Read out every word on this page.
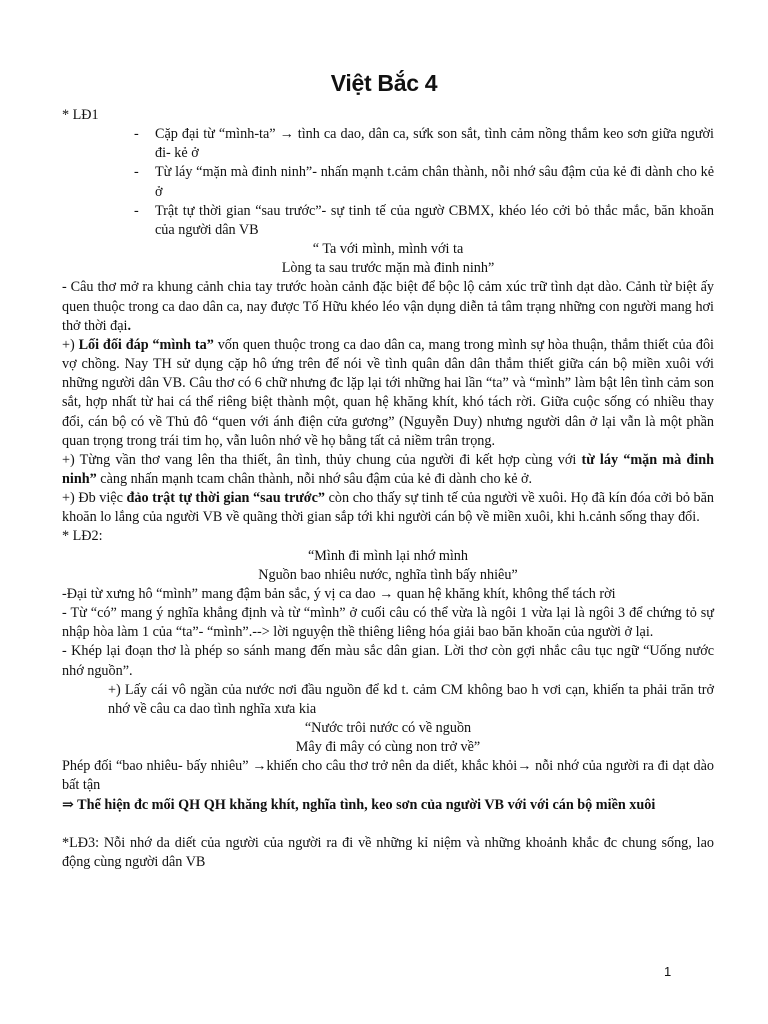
Việt Bắc 4

* LĐ1

- Cặp đại từ “mình-ta” → tình ca dao, dân ca, sứk son sắt, tình cảm nồng thắm keo sơn giữa người đi- kẻ ở
- Từ láy “mặn mà đinh ninh”- nhấn mạnh t.cảm chân thành, nỗi nhớ sâu đậm của kẻ đi dành cho kẻ ở
- Trật tự thời gian “sau trước”- sự tinh tế của ngườ CBMX, khéo léo cởi bỏ thắc mắc, băn khoăn của người dân VB

“ Ta với mình, mình với ta

Lòng ta sau trước mặn mà đinh ninh”

- Câu thơ mở ra khung cảnh chia tay trước hoàn cảnh đặc biệt để bộc lộ cảm xúc trữ tình dạt dào. Cảnh từ biệt ấy quen thuộc trong ca dao dân ca, nay được Tố Hữu khéo léo vận dụng diễn tả tâm trạng những con người mang hơi thở thời đại.

+) Lối đối đáp “mình ta” vốn quen thuộc trong ca dao dân ca, mang trong mình sự hòa thuận, thắm thiết của đôi vợ chồng. Nay TH sử dụng cặp hô ứng trên để nói về tình quân dân dân thắm thiết giữa cán bộ miền xuôi với những người dân VB. Câu thơ có 6 chữ nhưng đc lặp lại tới những hai lần “ta” và “mình” làm bật lên tình cảm son sắt, hợp nhất từ hai cá thể riêng biệt thành một, quan hệ khăng khít, khó tách rời. Giữa cuộc sống có nhiều thay đổi, cán bộ có về Thủ đô “quen với ánh điện cửa gương” (Nguyễn Duy) nhưng người dân ở lại vẫn là một phần quan trọng trong trái tim họ, vẫn luôn nhớ về họ bằng tất cả niềm trân trọng.

+) Từng vần thơ vang lên tha thiết, ân tình, thủy chung của người đi kết hợp cùng với từ láy “mặn mà đinh ninh” càng nhấn mạnh tcam chân thành, nỗi nhớ sâu đậm của kẻ đi dành cho kẻ ở.

+) Đb việc đảo trật tự thời gian “sau trước” còn cho thấy sự tinh tế của người về xuôi. Họ đã kín đóa cởi bỏ băn khoăn lo lắng của người VB về quãng thời gian sắp tới khi người cán bộ về miền xuôi, khi h.cảnh sống thay đổi.

* LĐ2:

“Mình đi mình lại nhớ mình

Nguồn bao nhiêu nước, nghĩa tình bấy nhiêu”

-Đại từ xưng hô “mình” mang đậm bản sắc, ý vị ca dao → quan hệ khăng khít, không thể tách rời

- Từ “có” mang ý nghĩa khẳng định và từ “mình” ở cuối câu có thể vừa là ngôi 1 vừa lại là ngôi 3 để chứng tỏ sự nhập hòa làm 1 của “ta”- “mình”.--> lời nguyện thề thiêng liêng hóa giải bao băn khoăn của người ở lại.

- Khép lại đoạn thơ là phép so sánh mang đến màu sắc dân gian. Lời thơ còn gợi nhắc câu tục ngữ “Uống nước nhớ nguồn”.

+) Lấy cái vô ngần của nước nơi đầu nguồn để kd t. cảm CM không bao h vơi cạn, khiến ta phải trăn trở nhớ về câu ca dao tình nghĩa xưa kia

“Nước trôi nước có về nguồn

Mây đi mây có cùng non trở về”

Phép đối “bao nhiêu- bấy nhiêu” →khiến cho câu thơ trở nên da diết, khắc khỏi→ nỗi nhớ của người ra đi dạt dào bất tận

⇒ Thể hiện đc mối QH QH khăng khít, nghĩa tình, keo sơn của người VB với với cán bộ miền xuôi

*LĐ3: Nỗi nhớ da diết của người của người ra đi về những kỉ niệm và những khoảnh khắc đc chung sống, lao động cùng người dân VB

1
